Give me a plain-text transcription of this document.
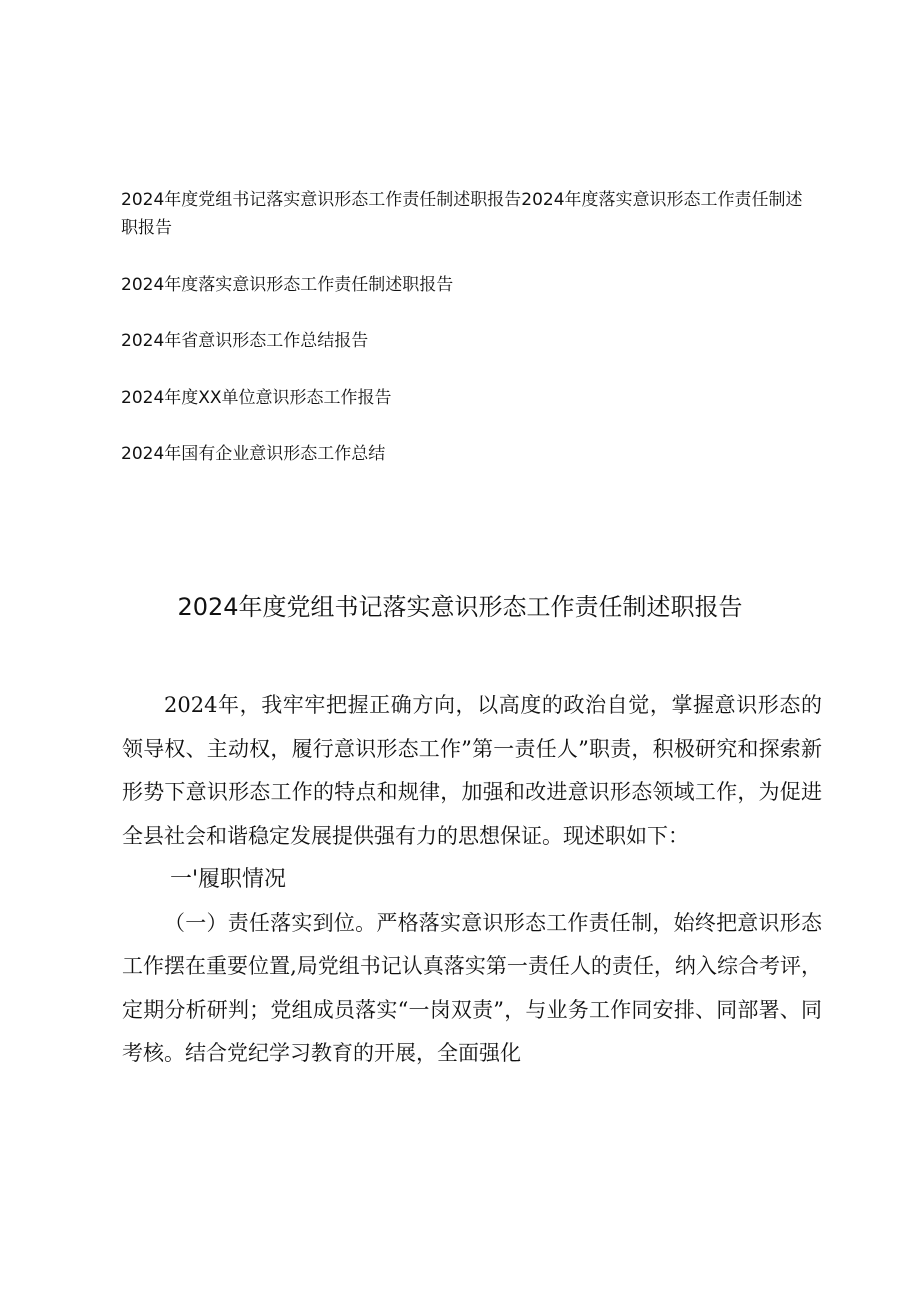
2024年度党组书记落实意识形态工作责任制述职报告2024年度落实意识形态工作责任制述职报告
2024年度落实意识形态工作责任制述职报告
2024年省意识形态工作总结报告
2024年度XX单位意识形态工作报告
2024年国有企业意识形态工作总结
2024年度党组书记落实意识形态工作责任制述职报告

2024年，我牢牢把握正确方向，以高度的政治自觉，掌握意识形态的领导权、主动权，履行意识形态工作”第一责任人”职责，积极研究和探索新形势下意识形态工作的特点和规律，加强和改进意识形态领域工作，为促进全县社会和谐稳定发展提供强有力的思想保证。现述职如下：

一'履职情况

（一）责任落实到位。严格落实意识形态工作责任制，始终把意识形态工作摆在重要位置,局党组书记认真落实第一责任人的责任，纳入综合考评，定期分析研判；党组成员落实“一岗双责”，与业务工作同安排、同部署、同考核。结合党纪学习教育的开展，全面强化
